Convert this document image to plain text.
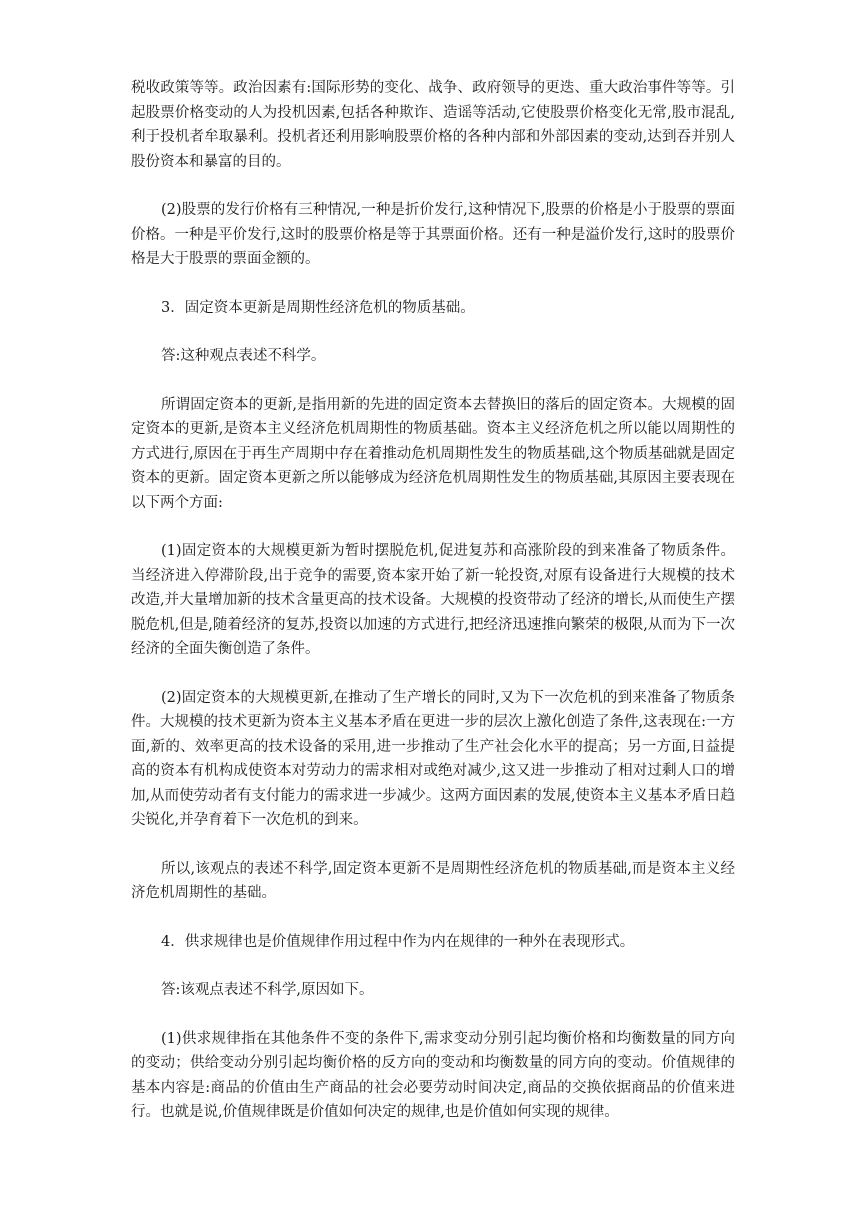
税收政策等等。政治因素有:国际形势的变化、战争、政府领导的更迭、重大政治事件等等。引起股票价格变动的人为投机因素,包括各种欺诈、造谣等活动,它使股票价格变化无常,股市混乱,利于投机者牟取暴利。投机者还利用影响股票价格的各种内部和外部因素的变动,达到吞并别人股份资本和暴富的目的。

(2)股票的发行价格有三种情况,一种是折价发行,这种情况下,股票的价格是小于股票的票面价格。一种是平价发行,这时的股票价格是等于其票面价格。还有一种是溢价发行,这时的股票价格是大于股票的票面金额的。

3．固定资本更新是周期性经济危机的物质基础。

答:这种观点表述不科学。

所谓固定资本的更新,是指用新的先进的固定资本去替换旧的落后的固定资本。大规模的固定资本的更新,是资本主义经济危机周期性的物质基础。资本主义经济危机之所以能以周期性的方式进行,原因在于再生产周期中存在着推动危机周期性发生的物质基础,这个物质基础就是固定资本的更新。固定资本更新之所以能够成为经济危机周期性发生的物质基础,其原因主要表现在以下两个方面:

(1)固定资本的大规模更新为暂时摆脱危机,促进复苏和高涨阶段的到来准备了物质条件。当经济进入停滞阶段,出于竞争的需要,资本家开始了新一轮投资,对原有设备进行大规模的技术改造,并大量增加新的技术含量更高的技术设备。大规模的投资带动了经济的增长,从而使生产摆脱危机,但是,随着经济的复苏,投资以加速的方式进行,把经济迅速推向繁荣的极限,从而为下一次经济的全面失衡创造了条件。

(2)固定资本的大规模更新,在推动了生产增长的同时,又为下一次危机的到来准备了物质条件。大规模的技术更新为资本主义基本矛盾在更进一步的层次上激化创造了条件,这表现在:一方面,新的、效率更高的技术设备的采用,进一步推动了生产社会化水平的提高；另一方面,日益提高的资本有机构成使资本对劳动力的需求相对或绝对减少,这又进一步推动了相对过剩人口的增加,从而使劳动者有支付能力的需求进一步减少。这两方面因素的发展,使资本主义基本矛盾日趋尖锐化,并孕育着下一次危机的到来。

所以,该观点的表述不科学,固定资本更新不是周期性经济危机的物质基础,而是资本主义经济危机周期性的基础。

4．供求规律也是价值规律作用过程中作为内在规律的一种外在表现形式。

答:该观点表述不科学,原因如下。

(1)供求规律指在其他条件不变的条件下,需求变动分别引起均衡价格和均衡数量的同方向的变动；供给变动分别引起均衡价格的反方向的变动和均衡数量的同方向的变动。价值规律的基本内容是:商品的价值由生产商品的社会必要劳动时间决定,商品的交换依据商品的价值来进行。也就是说,价值规律既是价值如何决定的规律,也是价值如何实现的规律。
